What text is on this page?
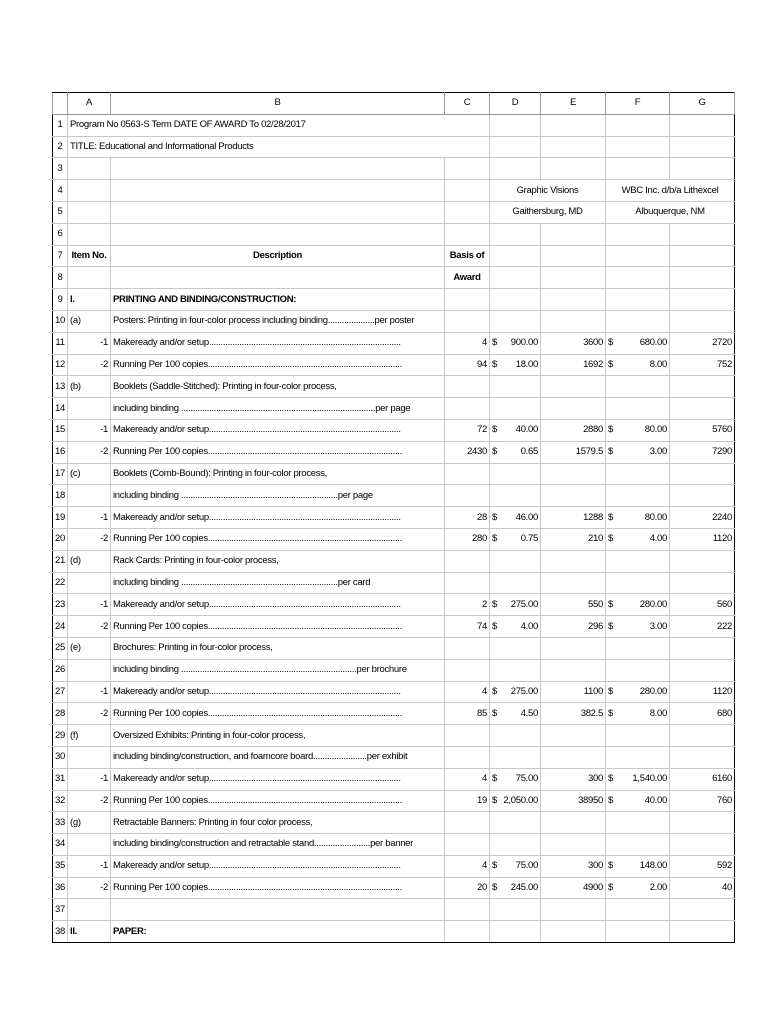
	A	B	C	D	E	F	G
1	Program No 0563-S Term DATE OF AWARD To 02/28/2017						
2	TITLE: Educational and Informational Products						
3							
4				Graphic Visions		WBC Inc. d/b/a Lithexcel	
5				Gaithersburg, MD		Albuquerque, NM	
6							
7	Item No.	Description	Basis of				
8			Award				
9	I.	PRINTING AND BINDING/CONSTRUCTION:					
10	(a)	Posters: Printing in four-color process including binding....................per poster					
11	-1	Makeready and/or setup..................................................................................	4	$ 900.00	3600	$ 680.00	2720
12	-2	Running Per 100 copies...................................................................................	94	$ 18.00	1692	$ 8.00	752
13	(b)	Booklets (Saddle-Stitched): Printing in four-color process,					
14		including binding ...................................................................................per page					
15	-1	Makeready and/or setup..................................................................................	72	$ 40.00	2880	$ 80.00	5760
16	-2	Running Per 100 copies...................................................................................	2430	$ 0.65	1579.5	$ 3.00	7290
17	(c)	Booklets (Comb-Bound): Printing in four-color process,					
18		including binding ...................................................................per page					
19	-1	Makeready and/or setup..................................................................................	28	$ 46.00	1288	$ 80.00	2240
20	-2	Running Per 100 copies...................................................................................	280	$ 0.75	210	$ 4.00	1120
21	(d)	Rack Cards: Printing in four-color process,					
22		including binding ...................................................................per card					
23	-1	Makeready and/or setup..................................................................................	2	$ 275.00	550	$ 280.00	560
24	-2	Running Per 100 copies...................................................................................	74	$ 4.00	296	$ 3.00	222
25	(e)	Brochures: Printing in four-color process,					
26		including binding ...........................................................................per brochure					
27	-1	Makeready and/or setup..................................................................................	4	$ 275.00	1100	$ 280.00	1120
28	-2	Running Per 100 copies...................................................................................	85	$ 4.50	382.5	$ 8.00	680
29	(f)	Oversized Exhibits: Printing in four-color process,					
30		including binding/construction, and foamcore board.......................per exhibit					
31	-1	Makeready and/or setup..................................................................................	4	$ 75.00	300	$ 1,540.00	6160
32	-2	Running Per 100 copies...................................................................................	19	$ 2,050.00	38950	$ 40.00	760
33	(g)	Retractable Banners: Printing in four color process,					
34		including binding/construction and retractable stand........................per banner					
35	-1	Makeready and/or setup..................................................................................	4	$ 75.00	300	$ 148.00	592
36	-2	Running Per 100 copies...................................................................................	20	$ 245.00	4900	$ 2.00	40
37							
38	II.	PAPER:					
